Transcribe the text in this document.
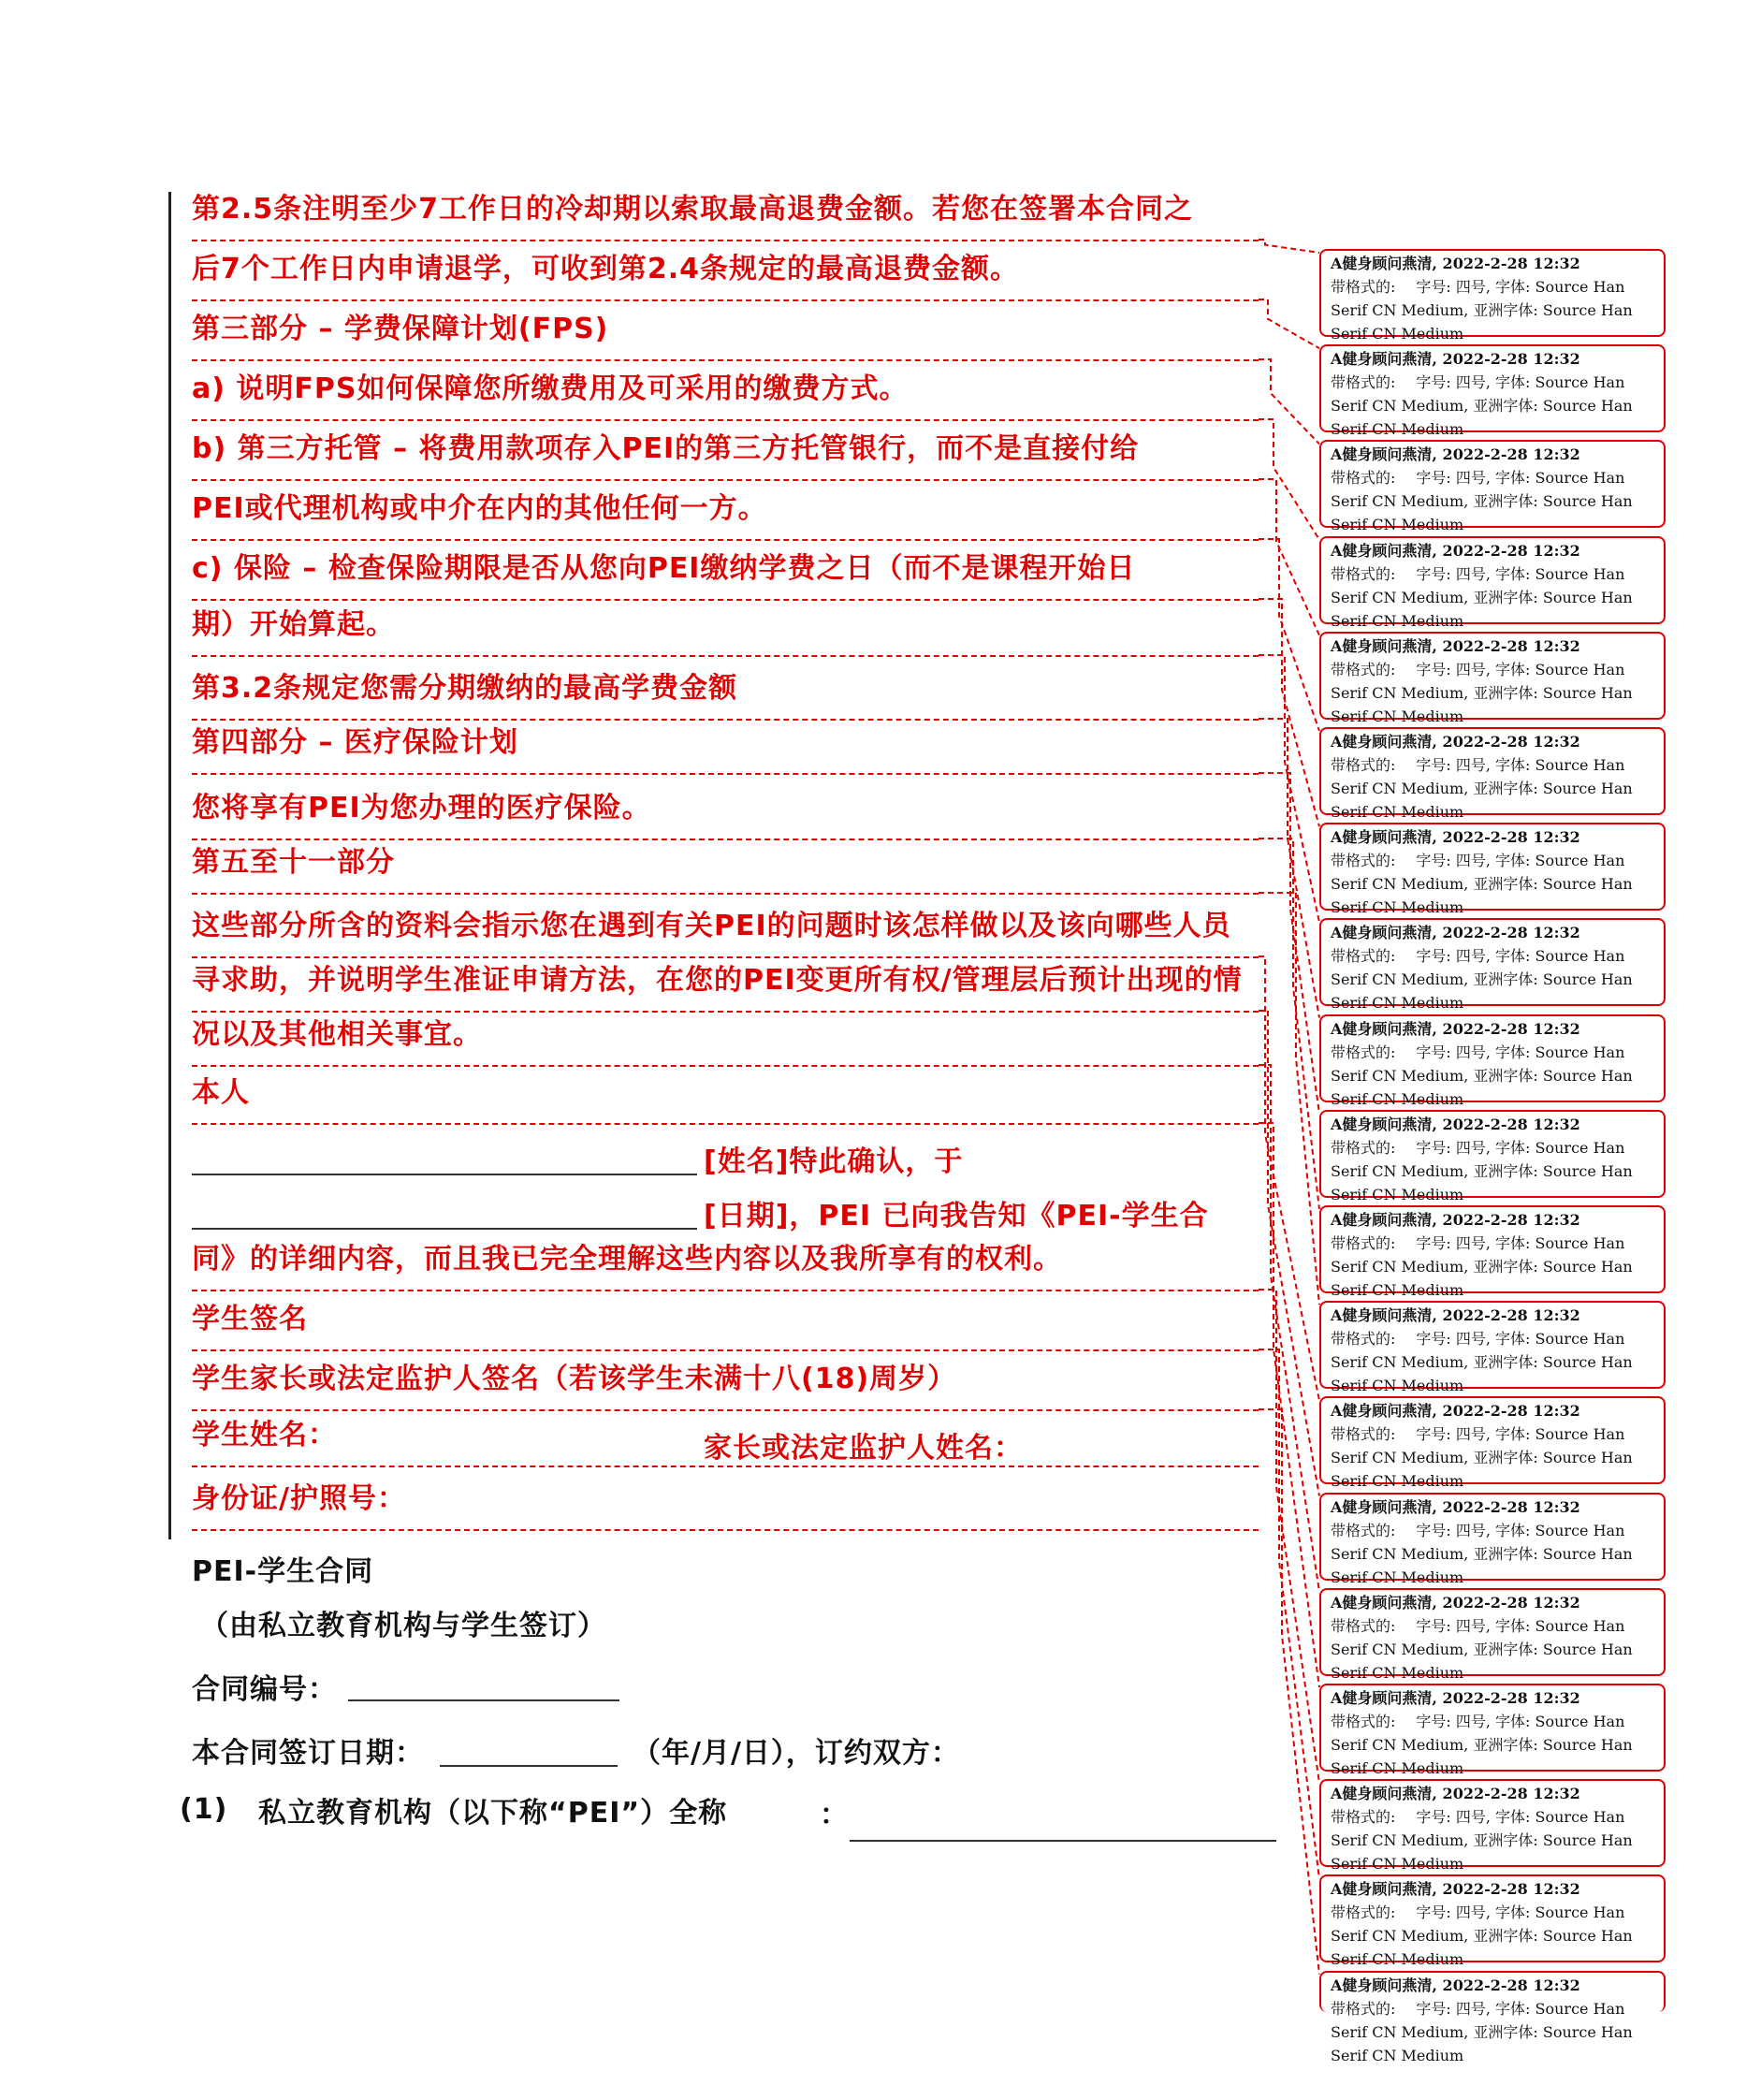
第2.5条注明至少7工作日的冷却期以索取最高退费金额。若您在签署本合同之
后7个工作日内申请退学，可收到第2.4条规定的最高退费金额。
第三部分 – 学费保障计划(FPS)
a) 说明FPS如何保障您所缴费用及可采用的缴费方式。
b) 第三方托管 – 将费用款项存入PEI的第三方托管银行，而不是直接付给
PEI或代理机构或中介在内的其他任何一方。
c) 保险 – 检查保险期限是否从您向PEI缴纳学费之日（而不是课程开始日
期）开始算起。
第3.2条规定您需分期缴纳的最高学费金额
第四部分 – 医疗保险计划
您将享有PEI为您办理的医疗保险。
第五至十一部分
这些部分所含的资料会指示您在遇到有关PEI的问题时该怎样做以及该向哪些人员
寻求助，并说明学生准证申请方法，在您的PEI变更所有权/管理层后预计出现的情
况以及其他相关事宜。
本人
同》的详细内容，而且我已完全理解这些内容以及我所享有的权利。
学生签名
学生家长或法定监护人签名（若该学生未满十八(18)周岁）
学生姓名：
身份证/护照号：
[姓名]特此确认，于
[日期]，PEI 已向我告知《PEI-学生合
家长或法定监护人姓名：
PEI-学生合同
（由私立教育机构与学生签订）
合同编号：
本合同签订日期：	（年/月/日），订约双方：
(1) 私立教育机构（以下称“PEI”）全称	：
A健身顾问燕清, 2022-2-28 12:32
带格式的: 字号: 四号, 字体: Source Han
Serif CN Medium, 亚洲字体: Source Han
Serif CN Medium
A健身顾问燕清, 2022-2-28 12:32
带格式的: 字号: 四号, 字体: Source Han
Serif CN Medium, 亚洲字体: Source Han
Serif CN Medium
A健身顾问燕清, 2022-2-28 12:32
带格式的: 字号: 四号, 字体: Source Han
Serif CN Medium, 亚洲字体: Source Han
Serif CN Medium
A健身顾问燕清, 2022-2-28 12:32
带格式的: 字号: 四号, 字体: Source Han
Serif CN Medium, 亚洲字体: Source Han
Serif CN Medium
A健身顾问燕清, 2022-2-28 12:32
带格式的: 字号: 四号, 字体: Source Han
Serif CN Medium, 亚洲字体: Source Han
Serif CN Medium
A健身顾问燕清, 2022-2-28 12:32
带格式的: 字号: 四号, 字体: Source Han
Serif CN Medium, 亚洲字体: Source Han
Serif CN Medium
A健身顾问燕清, 2022-2-28 12:32
带格式的: 字号: 四号, 字体: Source Han
Serif CN Medium, 亚洲字体: Source Han
Serif CN Medium
A健身顾问燕清, 2022-2-28 12:32
带格式的: 字号: 四号, 字体: Source Han
Serif CN Medium, 亚洲字体: Source Han
Serif CN Medium
A健身顾问燕清, 2022-2-28 12:32
带格式的: 字号: 四号, 字体: Source Han
Serif CN Medium, 亚洲字体: Source Han
Serif CN Medium
A健身顾问燕清, 2022-2-28 12:32
带格式的: 字号: 四号, 字体: Source Han
Serif CN Medium, 亚洲字体: Source Han
Serif CN Medium
A健身顾问燕清, 2022-2-28 12:32
带格式的: 字号: 四号, 字体: Source Han
Serif CN Medium, 亚洲字体: Source Han
Serif CN Medium
A健身顾问燕清, 2022-2-28 12:32
带格式的: 字号: 四号, 字体: Source Han
Serif CN Medium, 亚洲字体: Source Han
Serif CN Medium
A健身顾问燕清, 2022-2-28 12:32
带格式的: 字号: 四号, 字体: Source Han
Serif CN Medium, 亚洲字体: Source Han
Serif CN Medium
A健身顾问燕清, 2022-2-28 12:32
带格式的: 字号: 四号, 字体: Source Han
Serif CN Medium, 亚洲字体: Source Han
Serif CN Medium
A健身顾问燕清, 2022-2-28 12:32
带格式的: 字号: 四号, 字体: Source Han
Serif CN Medium, 亚洲字体: Source Han
Serif CN Medium
A健身顾问燕清, 2022-2-28 12:32
带格式的: 字号: 四号, 字体: Source Han
Serif CN Medium, 亚洲字体: Source Han
Serif CN Medium
A健身顾问燕清, 2022-2-28 12:32
带格式的: 字号: 四号, 字体: Source Han
Serif CN Medium, 亚洲字体: Source Han
Serif CN Medium
A健身顾问燕清, 2022-2-28 12:32
带格式的: 字号: 四号, 字体: Source Han
Serif CN Medium, 亚洲字体: Source Han
Serif CN Medium
A健身顾问燕清, 2022-2-28 12:32
带格式的: 字号: 四号, 字体: Source Han
Serif CN Medium, 亚洲字体: Source Han
Serif CN Medium
